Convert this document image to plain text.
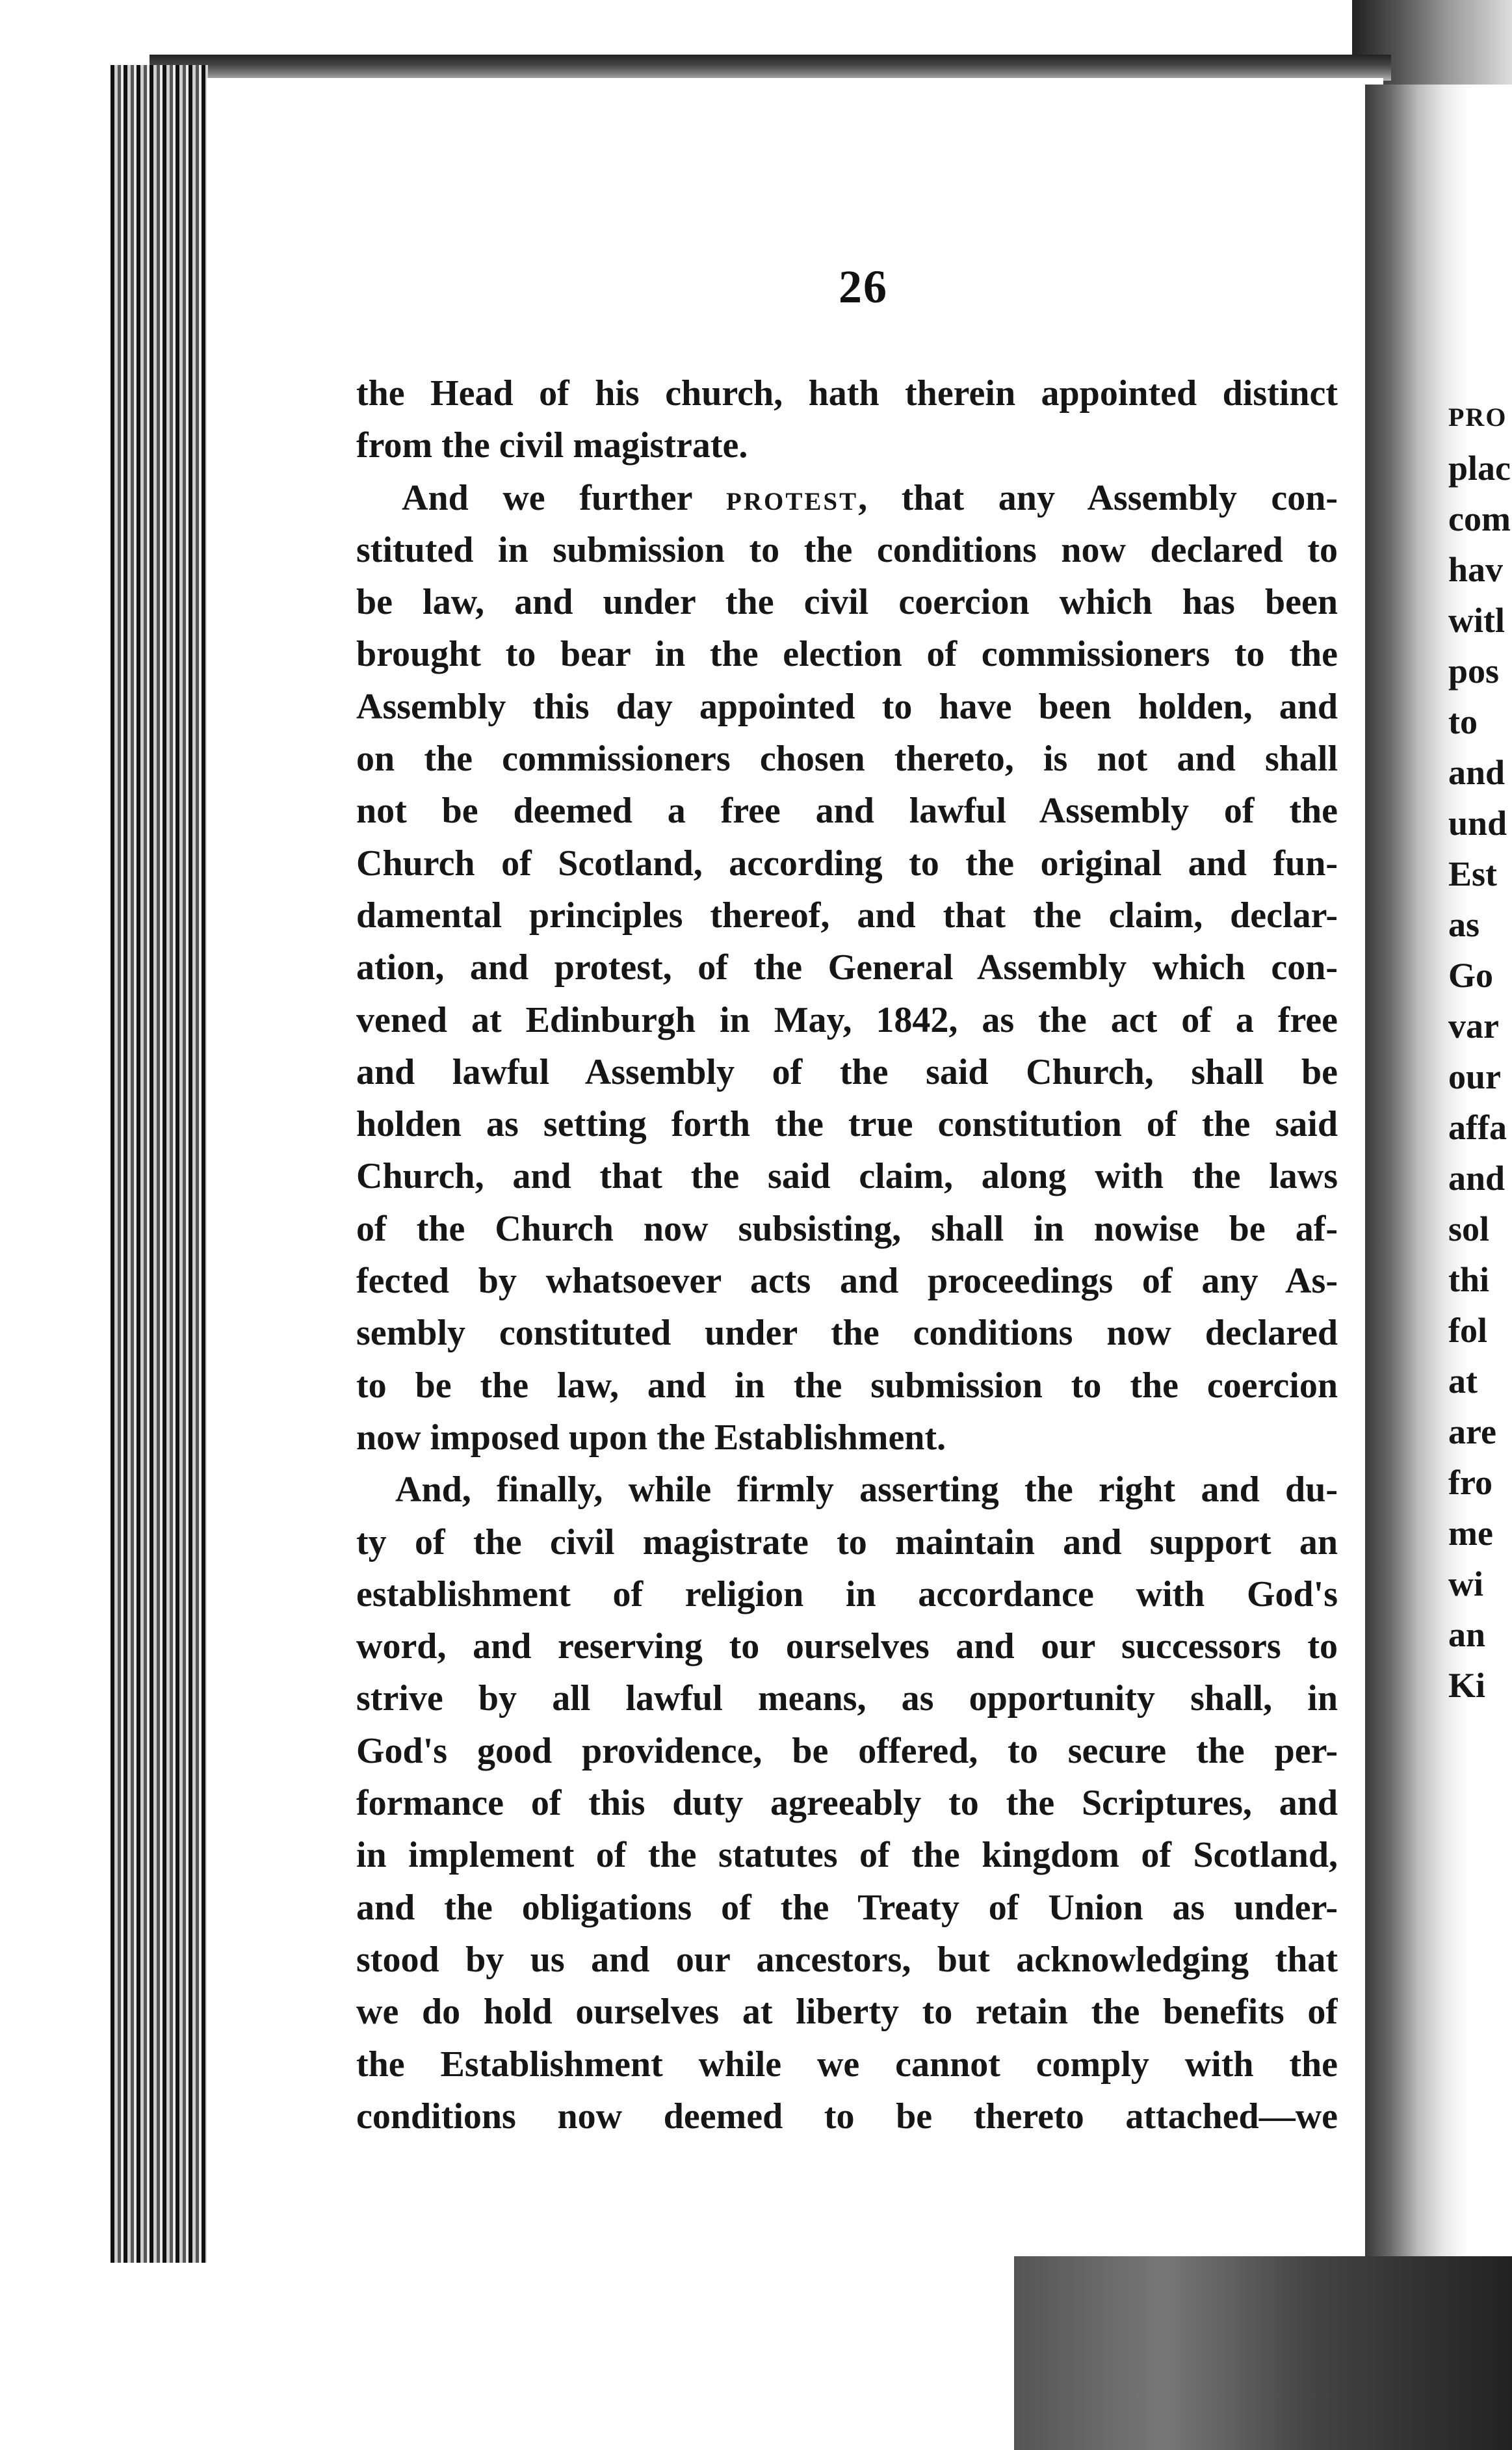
26
the Head of his church, hath therein appointed distinct
from the civil magistrate.
And we further protest, that any Assembly con-
stituted in submission to the conditions now declared to
be law, and under the civil coercion which has been
brought to bear in the election of commissioners to the
Assembly this day appointed to have been holden, and
on the commissioners chosen thereto, is not and shall
not be deemed a free and lawful Assembly of the
Church of Scotland, according to the original and fun-
damental principles thereof, and that the claim, declar-
ation, and protest, of the General Assembly which con-
vened at Edinburgh in May, 1842, as the act of a free
and lawful Assembly of the said Church, shall be
holden as setting forth the true constitution of the said
Church, and that the said claim, along with the laws
of the Church now subsisting, shall in nowise be af-
fected by whatsoever acts and proceedings of any As-
sembly constituted under the conditions now declared
to be the law, and in the submission to the coercion
now imposed upon the Establishment.
And, finally, while firmly asserting the right and du-
ty of the civil magistrate to maintain and support an
establishment of religion in accordance with God's
word, and reserving to ourselves and our successors to
strive by all lawful means, as opportunity shall, in
God's good providence, be offered, to secure the per-
formance of this duty agreeably to the Scriptures, and
in implement of the statutes of the kingdom of Scotland,
and the obligations of the Treaty of Union as under-
stood by us and our ancestors, but acknowledging that
we do hold ourselves at liberty to retain the benefits of
the Establishment while we cannot comply with the
conditions now deemed to be thereto attached—we
PRO
plac
com
hav
witl
pos
to
and
und
Est
as
Go
var
our
affa
and
sol
thi
fol
at
are
fro
me
wi
an
Ki
